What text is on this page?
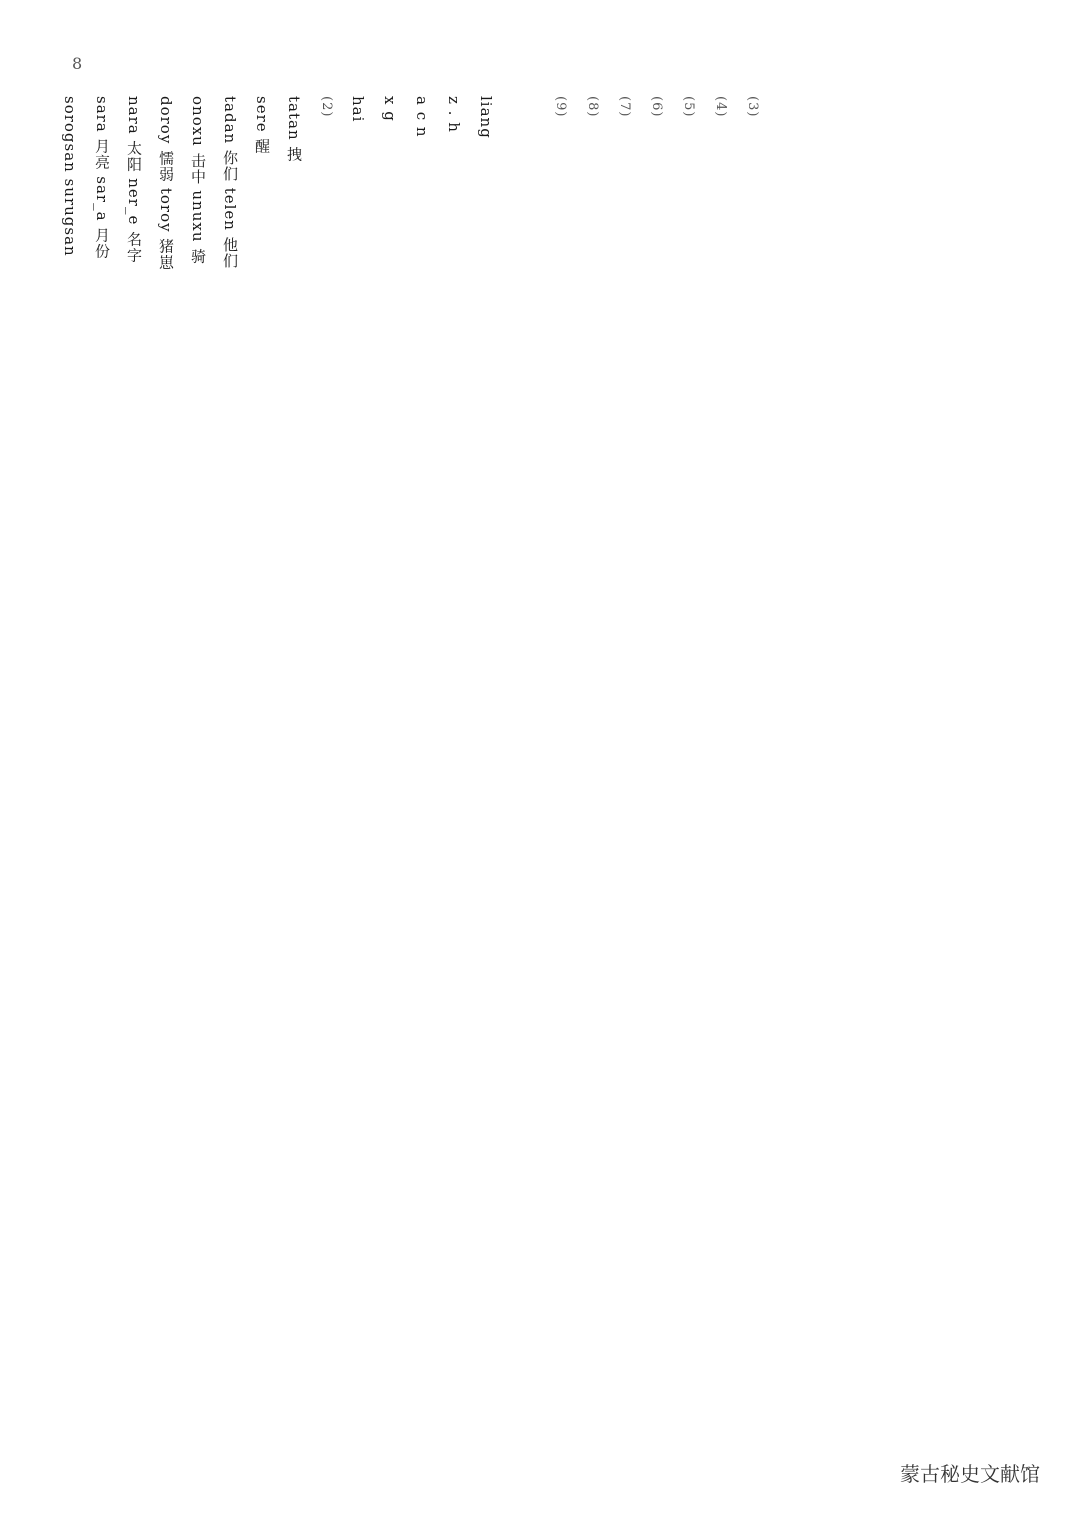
8
sorogsan surugsan sara 月亮 sar_a 月份 nara 太阳 ner_e 名字 doroy 懦弱 toroy 猪崽 onoxu 击中 unuxu 骑 tadan 你们 telen 他们 sere 醒 tatan 拽	(2) hai x g a c n z . h liang	(9)	(8)	(7)	(6)	(5)	(4)	(3)
蒙古秘史文献馆
